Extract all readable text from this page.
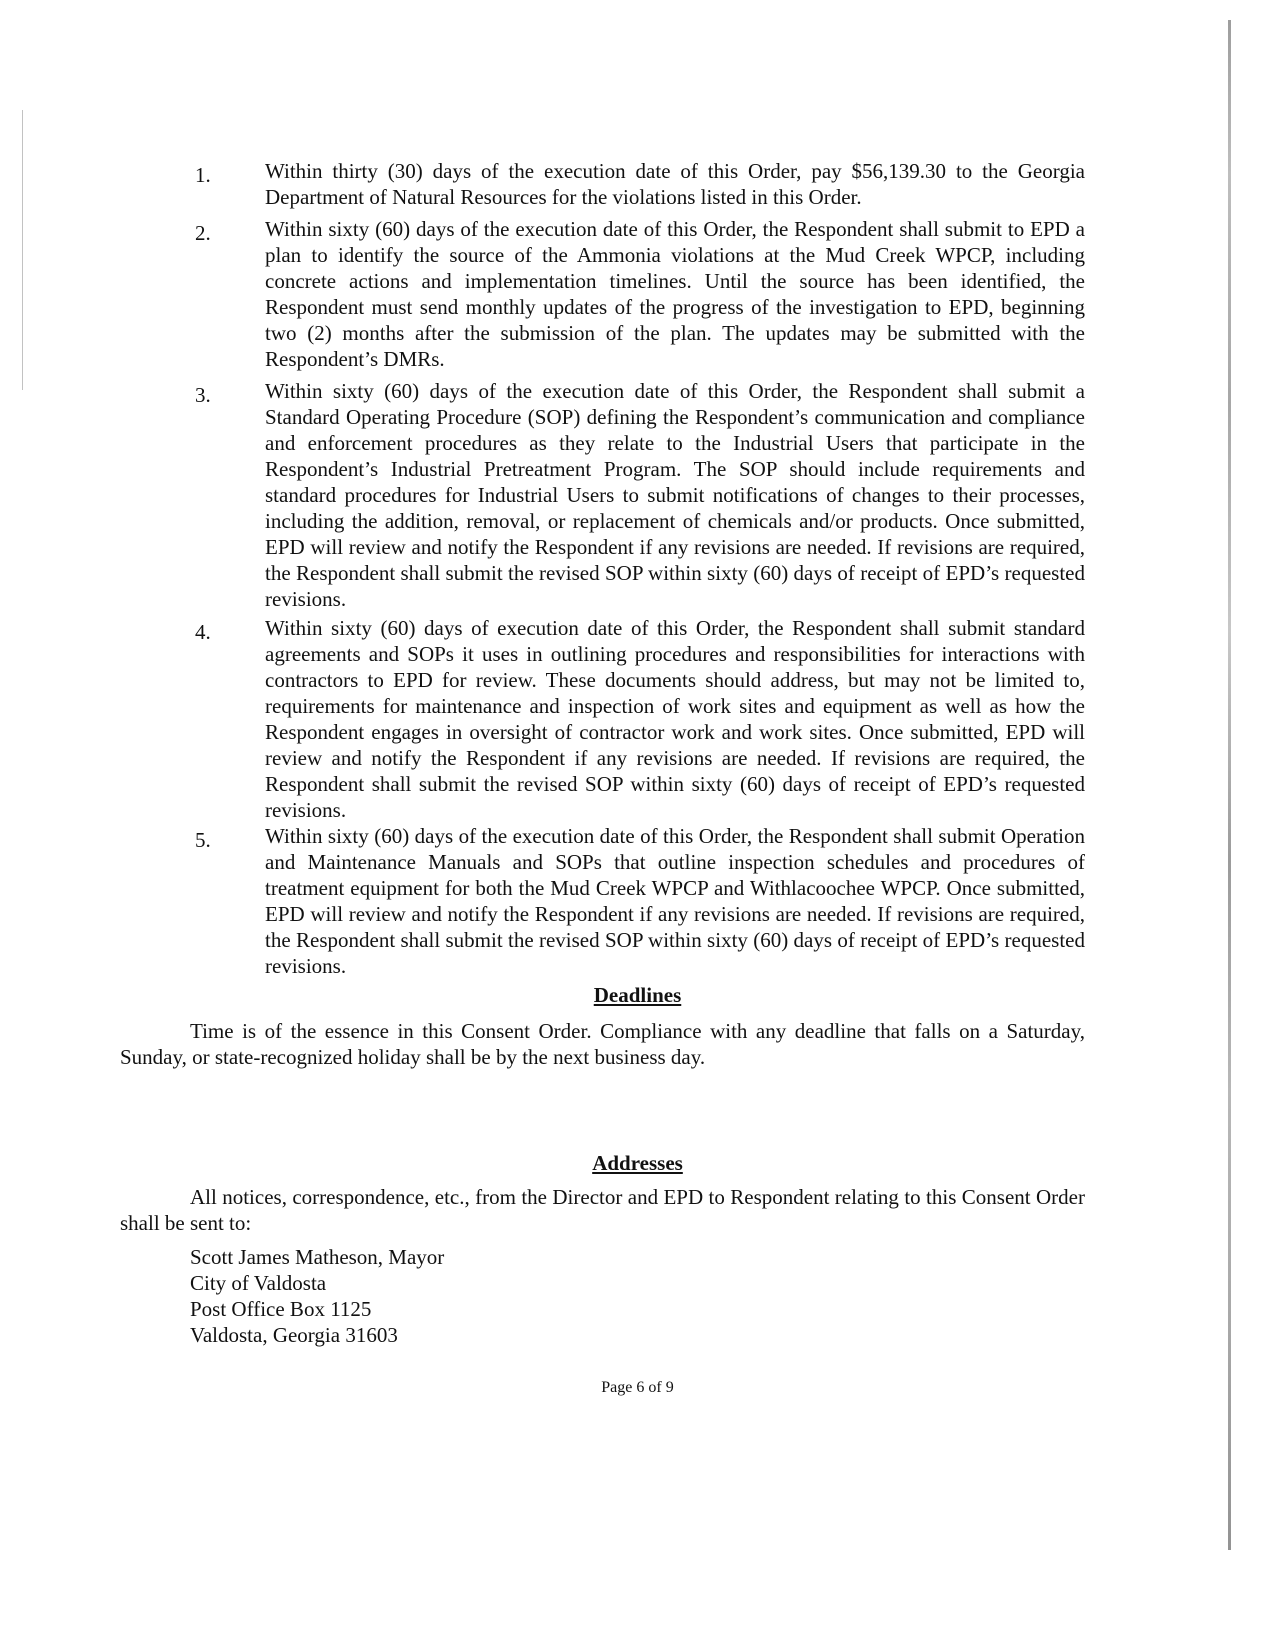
1.	Within thirty (30) days of the execution date of this Order, pay $56,139.30 to the Georgia Department of Natural Resources for the violations listed in this Order.
2.	Within sixty (60) days of the execution date of this Order, the Respondent shall submit to EPD a plan to identify the source of the Ammonia violations at the Mud Creek WPCP, including concrete actions and implementation timelines. Until the source has been identified, the Respondent must send monthly updates of the progress of the investigation to EPD, beginning two (2) months after the submission of the plan. The updates may be submitted with the Respondent’s DMRs.
3.	Within sixty (60) days of the execution date of this Order, the Respondent shall submit a Standard Operating Procedure (SOP) defining the Respondent’s communication and compliance and enforcement procedures as they relate to the Industrial Users that participate in the Respondent’s Industrial Pretreatment Program. The SOP should include requirements and standard procedures for Industrial Users to submit notifications of changes to their processes, including the addition, removal, or replacement of chemicals and/or products. Once submitted, EPD will review and notify the Respondent if any revisions are needed. If revisions are required, the Respondent shall submit the revised SOP within sixty (60) days of receipt of EPD’s requested revisions.
4.	Within sixty (60) days of execution date of this Order, the Respondent shall submit standard agreements and SOPs it uses in outlining procedures and responsibilities for interactions with contractors to EPD for review. These documents should address, but may not be limited to, requirements for maintenance and inspection of work sites and equipment as well as how the Respondent engages in oversight of contractor work and work sites. Once submitted, EPD will review and notify the Respondent if any revisions are needed. If revisions are required, the Respondent shall submit the revised SOP within sixty (60) days of receipt of EPD’s requested revisions.
5.	Within sixty (60) days of the execution date of this Order, the Respondent shall submit Operation and Maintenance Manuals and SOPs that outline inspection schedules and procedures of treatment equipment for both the Mud Creek WPCP and Withlacoochee WPCP. Once submitted, EPD will review and notify the Respondent if any revisions are needed. If revisions are required, the Respondent shall submit the revised SOP within sixty (60) days of receipt of EPD’s requested revisions.
Deadlines
Time is of the essence in this Consent Order. Compliance with any deadline that falls on a Saturday, Sunday, or state-recognized holiday shall be by the next business day.
Addresses
All notices, correspondence, etc., from the Director and EPD to Respondent relating to this Consent Order shall be sent to:
Scott James Matheson, Mayor
City of Valdosta
Post Office Box 1125
Valdosta, Georgia 31603
Page 6 of 9
